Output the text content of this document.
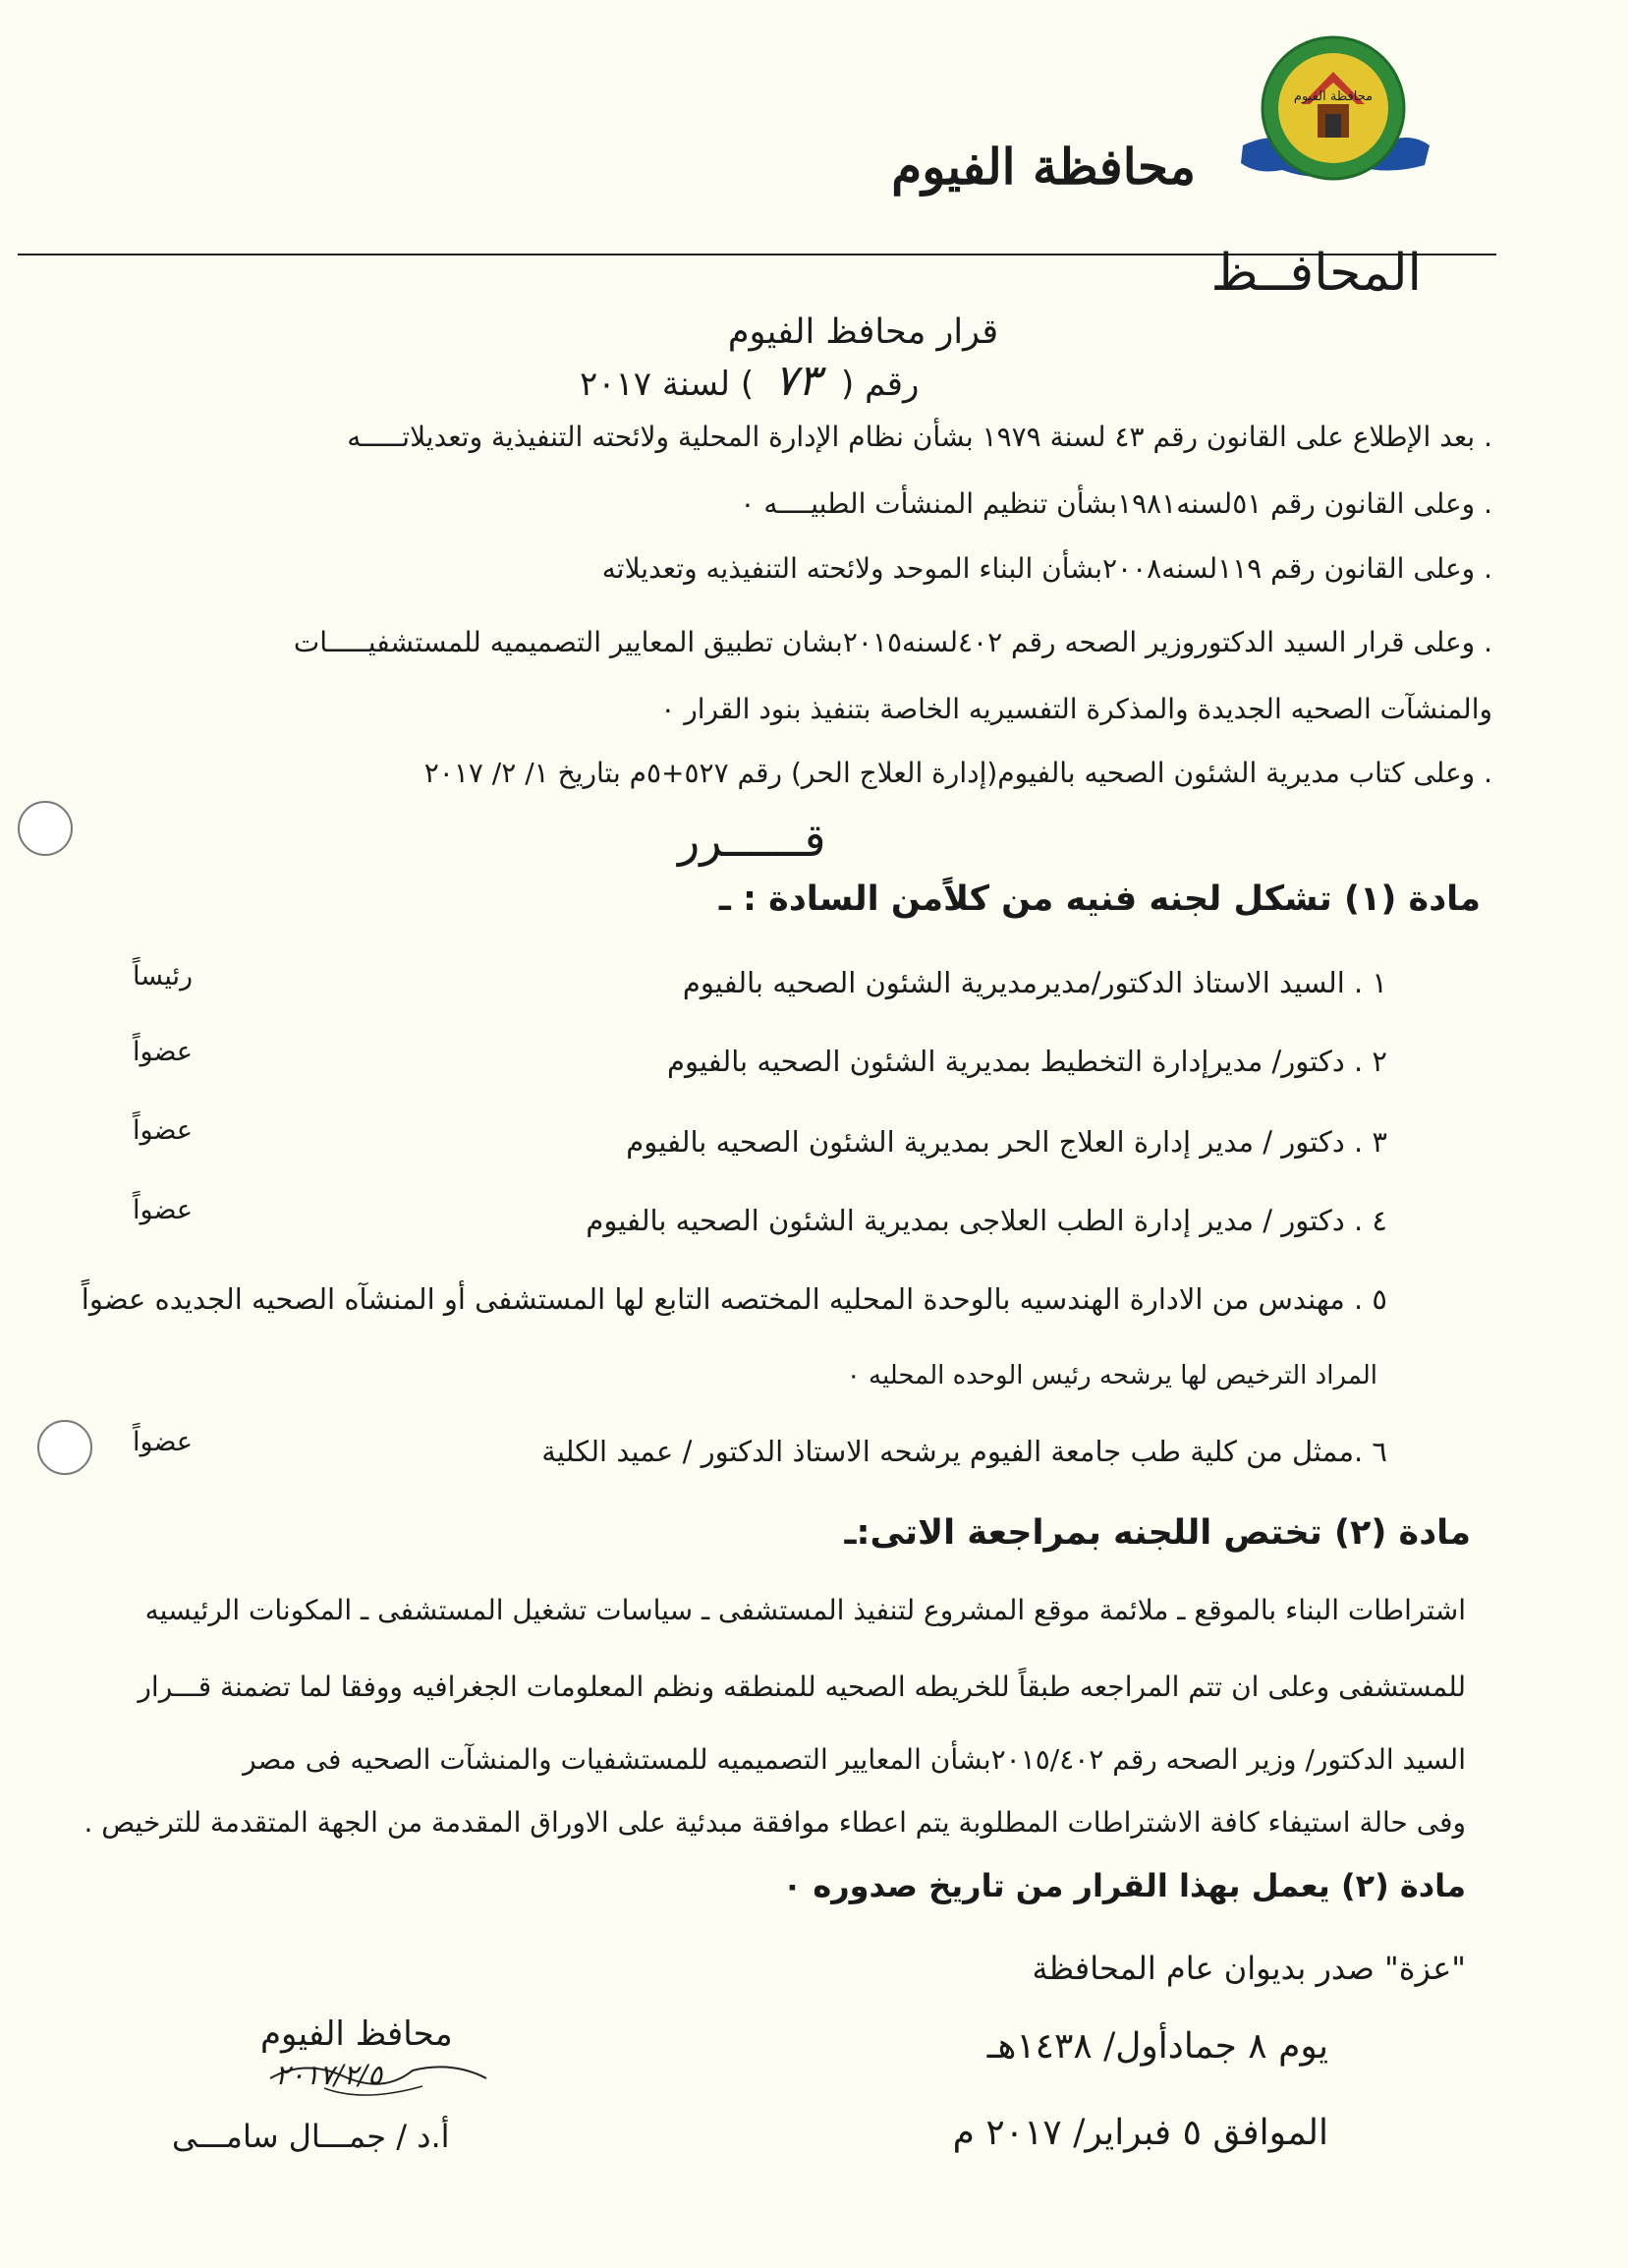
محافظة الفيوم
محافظة الفيوم
المحافــظ
قرار محافظ الفيوم
رقم ( ٧٣ ) لسنة ٢٠١٧
. بعد الإطلاع على القانون رقم ٤٣ لسنة ١٩٧٩ بشأن نظام الإدارة المحلية ولائحته التنفيذية وتعديلاتـــــه
. وعلى القانون رقم ٥١لسنه١٩٨١بشأن تنظيم المنشأت الطبيــــه ٠
. وعلى القانون رقم ١١٩لسنه٢٠٠٨بشأن البناء الموحد ولائحته التنفيذيه وتعديلاته
. وعلى قرار السيد الدكتوروزير الصحه رقم ٤٠٢لسنه٢٠١٥بشان تطبيق المعايير التصميميه للمستشفيـــــات
والمنشآت الصحيه الجديدة والمذكرة التفسيريه الخاصة بتنفيذ بنود القرار ٠
. وعلى كتاب مديرية الشئون الصحيه بالفيوم(إدارة العلاج الحر) رقم ٥٢٧+٥م بتاريخ ١/ ٢/ ٢٠١٧
قــــــرر
مادة (١) تشكل لجنه فنيه من كلاًمن السادة : ـ
١ . السيد الاستاذ الدكتور/مديرمديرية الشئون الصحيه بالفيوم
رئيساً
٢ . دكتور/ مديرإدارة التخطيط بمديرية الشئون الصحيه بالفيوم
عضواً
٣ . دكتور / مدير إدارة العلاج الحر بمديرية الشئون الصحيه بالفيوم
عضواً
٤ . دكتور / مدير إدارة الطب العلاجى بمديرية الشئون الصحيه بالفيوم
عضواً
٥ . مهندس من الادارة الهندسيه بالوحدة المحليه المختصه التابع لها المستشفى أو المنشآه الصحيه الجديده عضواً
المراد الترخيص لها يرشحه رئيس الوحده المحليه ٠
٦ .ممثل من كلية طب جامعة الفيوم يرشحه الاستاذ الدكتور / عميد الكلية
عضواً
مادة (٢) تختص اللجنه بمراجعة الاتى:ـ
اشتراطات البناء بالموقع ـ ملائمة موقع المشروع لتنفيذ المستشفى ـ سياسات تشغيل المستشفى ـ المكونات الرئيسيه
للمستشفى وعلى ان تتم المراجعه طبقاً للخريطه الصحيه للمنطقه ونظم المعلومات الجغرافيه ووفقا لما تضمنة قـــرار
السيد الدكتور/ وزير الصحه رقم ٢٠١٥/٤٠٢بشأن المعايير التصميميه للمستشفيات والمنشآت الصحيه فى مصر
وفى حالة استيفاء كافة الاشتراطات المطلوبة يتم اعطاء موافقة مبدئية على الاوراق المقدمة من الجهة المتقدمة للترخيص .
مادة (٢) يعمل بهذا القرار من تاريخ صدوره ٠
"عزة" صدر بديوان عام المحافظة
يوم ٨ جمادأول/ ١٤٣٨هـ
الموافق ٥ فبراير/ ٢٠١٧ م
محافظ الفيوم
٢٠١٧/٢/٥
أ.د / جمـــال سامـــى
